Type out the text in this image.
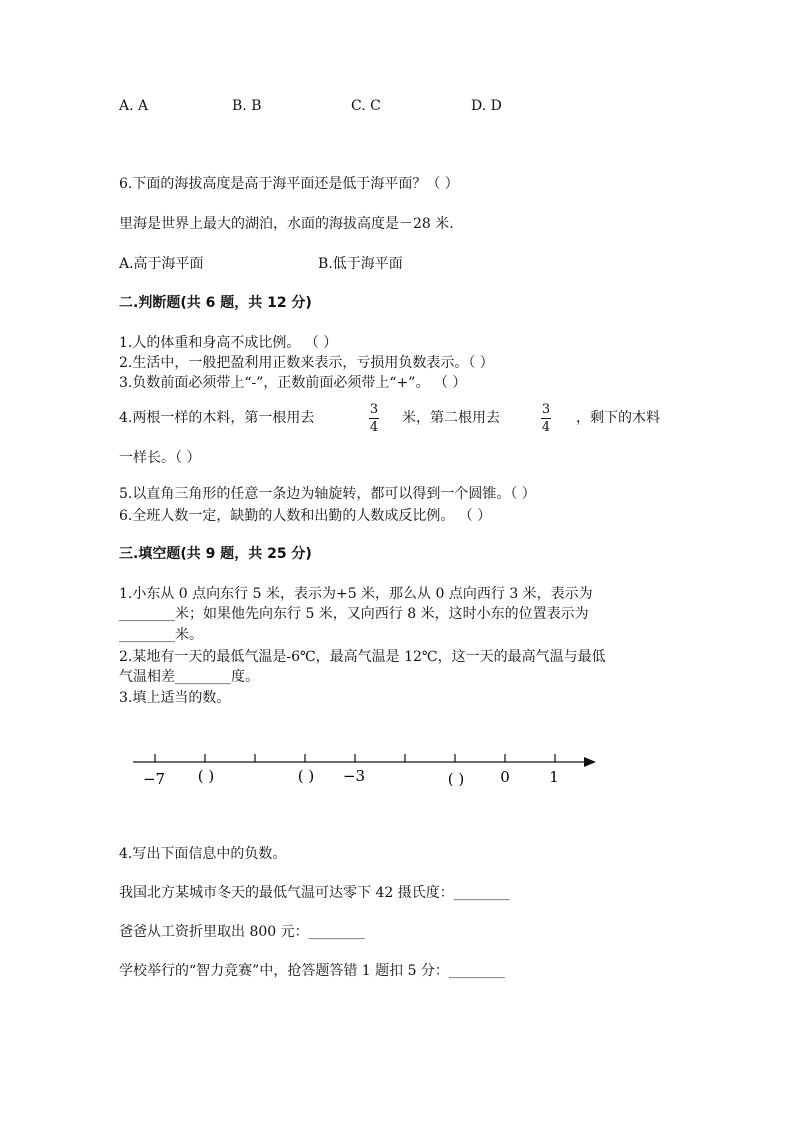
A. A	B. B	C. C	D. D
6.下面的海拔高度是高于海平面还是低于海平面？（ ）
里海是世界上最大的湖泊，水面的海拔高度是－28 米.
A.高于海平面	B.低于海平面
二.判断题(共 6 题，共 12 分)
1.人的体重和身高不成比例。 （ ）
2.生活中，一般把盈利用正数来表示，亏损用负数表示。（ ）
3.负数前面必须带上“-”，正数前面必须带上“+”。 （ ）
4.两根一样的木料，第一根用去
3
4
米，第二根用去
3
4
，剩下的木料
一样长。（ ）
5.以直角三角形的任意一条边为轴旋转，都可以得到一个圆锥。（ ）
6.全班人数一定，缺勤的人数和出勤的人数成反比例。 （ ）
三.填空题(共 9 题，共 25 分)
1.小东从 0 点向东行 5 米，表示为+5 米，那么从 0 点向西行 3 米，表示为
________米；如果他先向东行 5 米，又向西行 8 米，这时小东的位置表示为
________米。
2.某地有一天的最低气温是-6℃，最高气温是 12℃，这一天的最高气温与最低
气温相差________度。
3.填上适当的数。
−7 ( )	( ) −3	( ) 0	1
4.写出下面信息中的负数。
我国北方某城市冬天的最低气温可达零下 42 摄氏度：________
爸爸从工资折里取出 800 元：________
学校举行的“智力竞赛”中，抢答题答错 1 题扣 5 分：________
